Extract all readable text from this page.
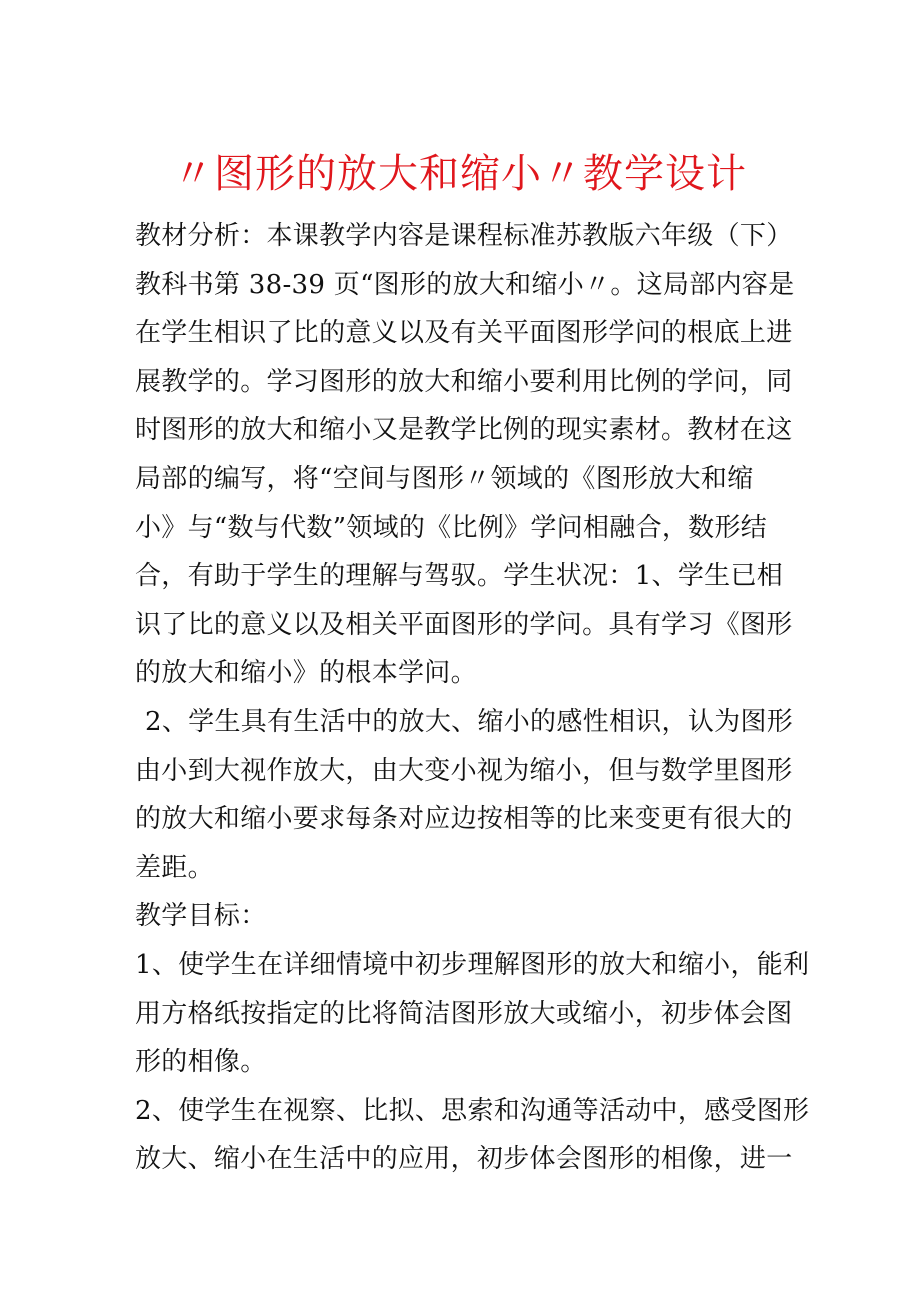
〃图形的放大和缩小〃教学设计
教材分析：本课教学内容是课程标准苏教版六年级（下）
教科书第 38-39 页“图形的放大和缩小〃。这局部内容是
在学生相识了比的意义以及有关平面图形学问的根底上进
展教学的。学习图形的放大和缩小要利用比例的学问，同
时图形的放大和缩小又是教学比例的现实素材。教材在这
局部的编写，将“空间与图形〃领域的《图形放大和缩
小》与“数与代数”领域的《比例》学问相融合，数形结
合，有助于学生的理解与驾驭。学生状况：1、学生已相
识了比的意义以及相关平面图形的学问。具有学习《图形
的放大和缩小》的根本学问。
2、学生具有生活中的放大、缩小的感性相识，认为图形
由小到大视作放大，由大变小视为缩小，但与数学里图形
的放大和缩小要求每条对应边按相等的比来变更有很大的
差距。
教学目标：
1、使学生在详细情境中初步理解图形的放大和缩小，能利
用方格纸按指定的比将简洁图形放大或缩小，初步体会图
形的相像。
2、使学生在视察、比拟、思索和沟通等活动中，感受图形
放大、缩小在生活中的应用，初步体会图形的相像，进一
